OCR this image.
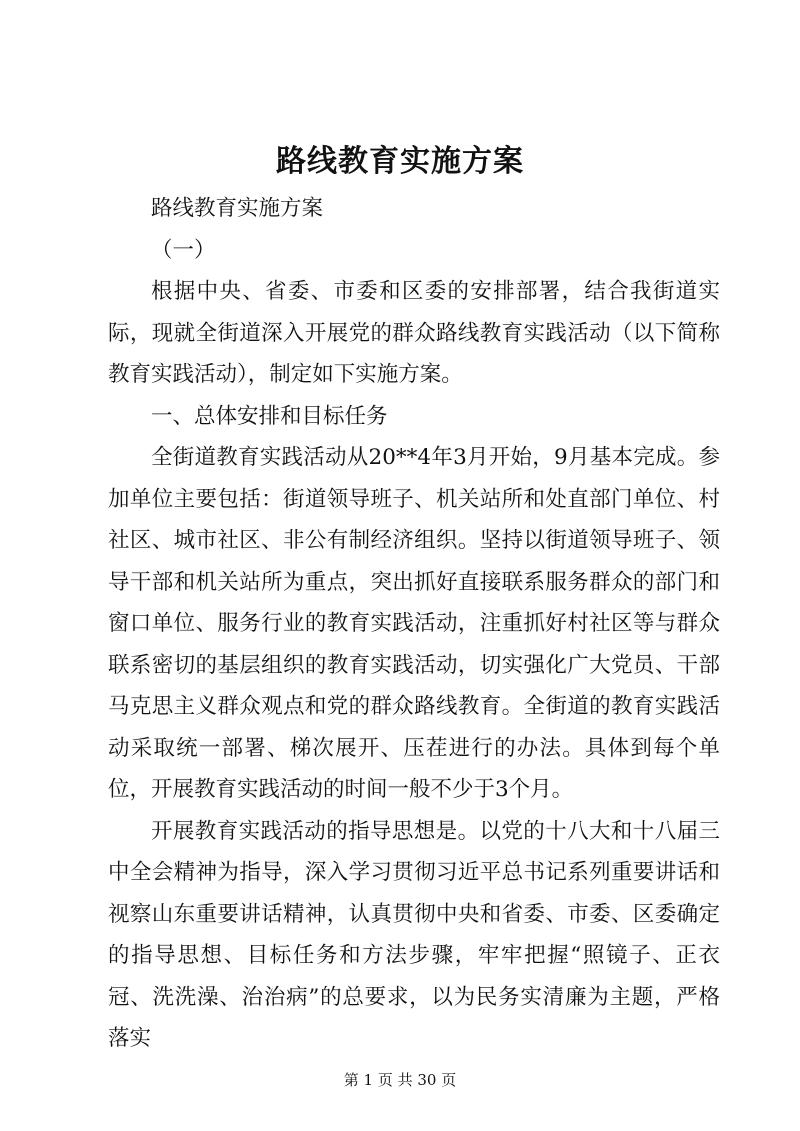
路线教育实施方案

路线教育实施方案

（一）

根据中央、省委、市委和区委的安排部署，结合我街道实际，现就全街道深入开展党的群众路线教育实践活动（以下简称教育实践活动），制定如下实施方案。

一、总体安排和目标任务

全街道教育实践活动从20**4年3月开始，9月基本完成。参加单位主要包括：街道领导班子、机关站所和处直部门单位、村社区、城市社区、非公有制经济组织。坚持以街道领导班子、领导干部和机关站所为重点，突出抓好直接联系服务群众的部门和窗口单位、服务行业的教育实践活动，注重抓好村社区等与群众联系密切的基层组织的教育实践活动，切实强化广大党员、干部马克思主义群众观点和党的群众路线教育。全街道的教育实践活动采取统一部署、梯次展开、压茬进行的办法。具体到每个单位，开展教育实践活动的时间一般不少于3个月。

开展教育实践活动的指导思想是。以党的十八大和十八届三中全会精神为指导，深入学习贯彻习近平总书记系列重要讲话和视察山东重要讲话精神，认真贯彻中央和省委、市委、区委确定的指导思想、目标任务和方法步骤，牢牢把握“照镜子、正衣冠、洗洗澡、治治病”的总要求，以为民务实清廉为主题，严格落实

第 1 页 共 30 页
